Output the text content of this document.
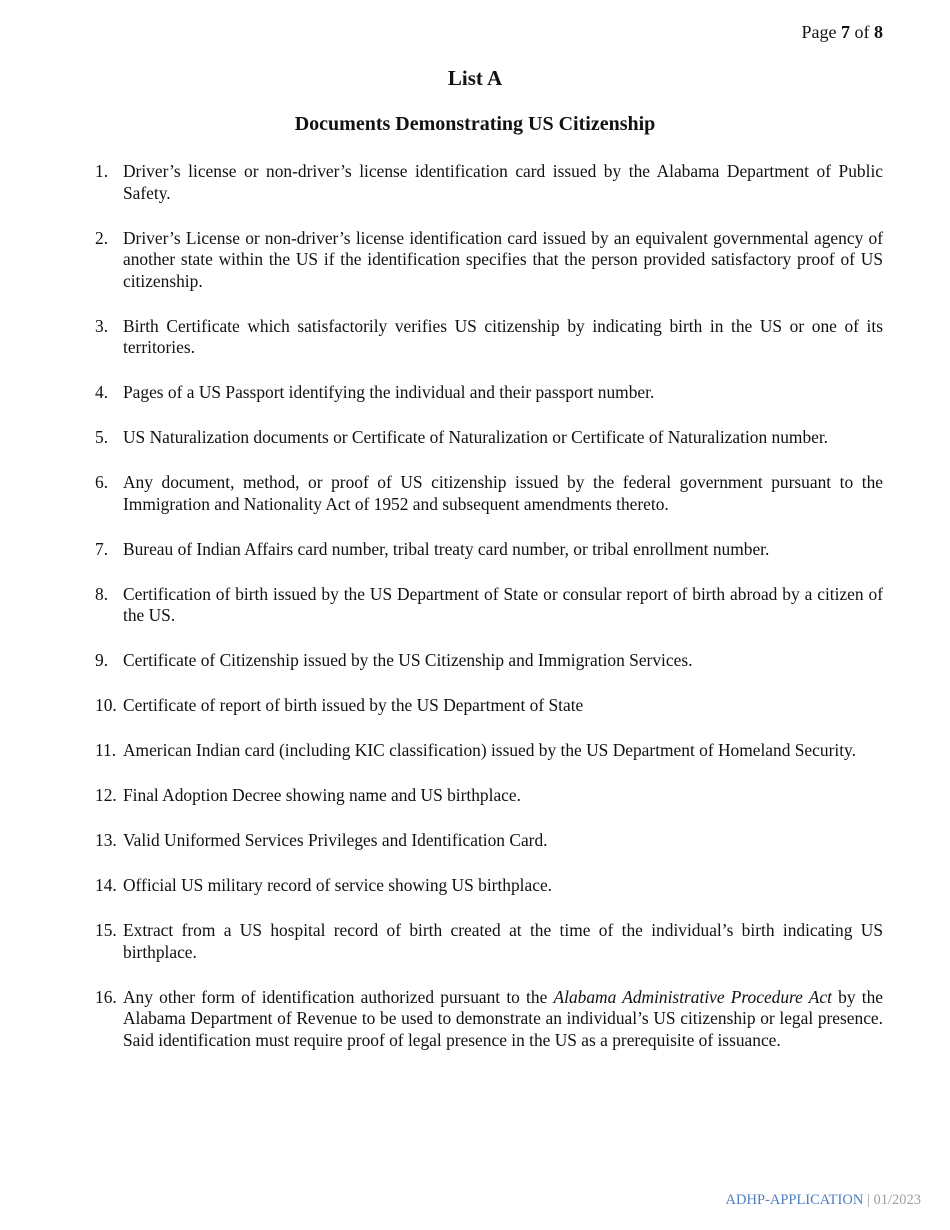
Page 7 of 8
List A
Documents Demonstrating US Citizenship
1. Driver’s license or non-driver’s license identification card issued by the Alabama Department of Public Safety.
2. Driver’s License or non-driver’s license identification card issued by an equivalent governmental agency of another state within the US if the identification specifies that the person provided satisfactory proof of US citizenship.
3. Birth Certificate which satisfactorily verifies US citizenship by indicating birth in the US or one of its territories.
4. Pages of a US Passport identifying the individual and their passport number.
5. US Naturalization documents or Certificate of Naturalization or Certificate of Naturalization number.
6. Any document, method, or proof of US citizenship issued by the federal government pursuant to the Immigration and Nationality Act of 1952 and subsequent amendments thereto.
7. Bureau of Indian Affairs card number, tribal treaty card number, or tribal enrollment number.
8. Certification of birth issued by the US Department of State or consular report of birth abroad by a citizen of the US.
9. Certificate of Citizenship issued by the US Citizenship and Immigration Services.
10. Certificate of report of birth issued by the US Department of State
11. American Indian card (including KIC classification) issued by the US Department of Homeland Security.
12. Final Adoption Decree showing name and US birthplace.
13. Valid Uniformed Services Privileges and Identification Card.
14. Official US military record of service showing US birthplace.
15. Extract from a US hospital record of birth created at the time of the individual’s birth indicating US birthplace.
16. Any other form of identification authorized pursuant to the Alabama Administrative Procedure Act by the Alabama Department of Revenue to be used to demonstrate an individual’s US citizenship or legal presence. Said identification must require proof of legal presence in the US as a prerequisite of issuance.
ADHP-APPLICATION | 01/2023
